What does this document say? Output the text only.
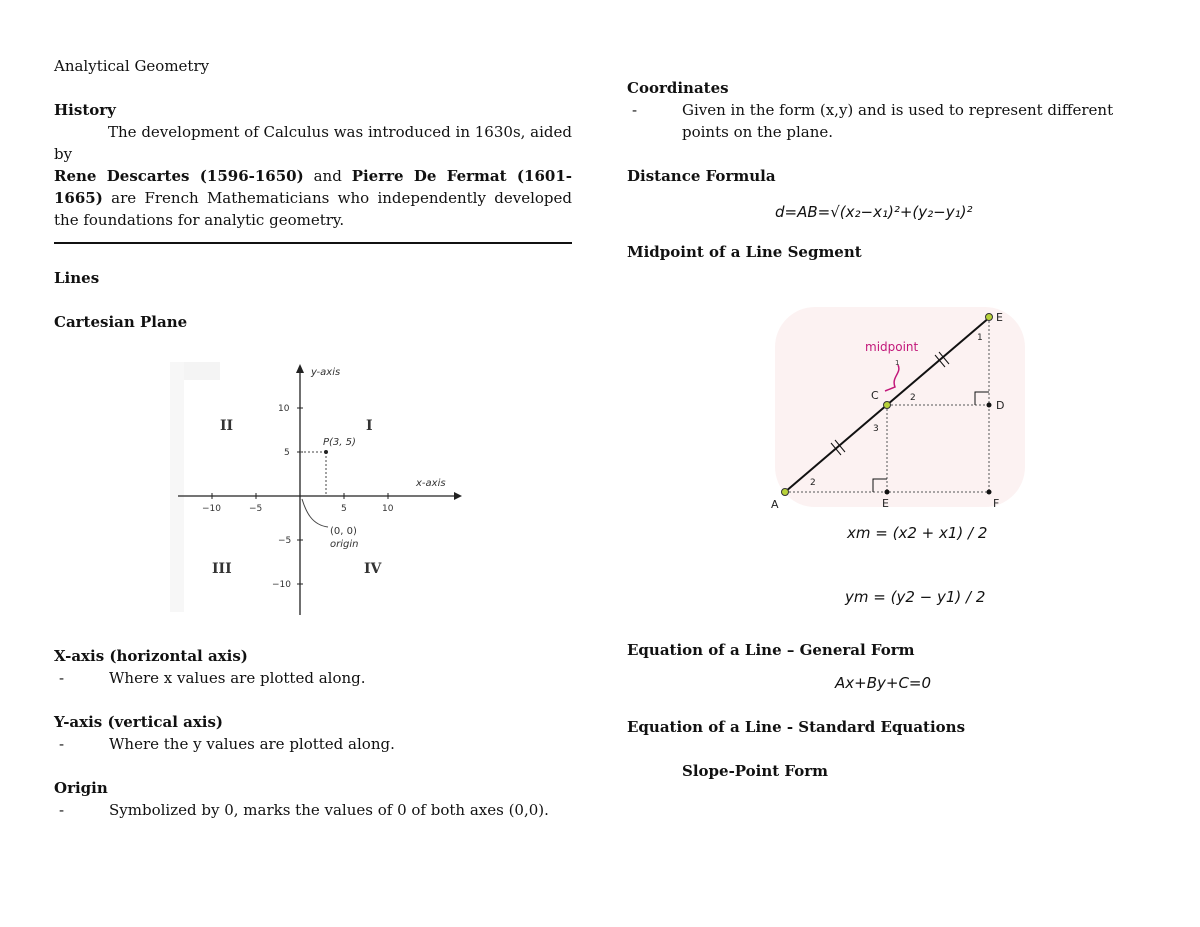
Analytical Geometry

History

The development of Calculus was introduced in 1630s, aided by

Rene Descartes (1596-1650) and Pierre De Fermat (1601-1665) are French Mathematicians who independently developed the foundations for analytic geometry.

Lines

Cartesian Plane

−10	−5	5	10
10
5
−5
−10
y-axis
x-axis
II	I
III	IV
P(3, 5)
(0, 0)
origin

X-axis (horizontal axis)

-	Where x values are plotted along.

Y-axis (vertical axis)

-	Where the y values are plotted along.

Origin

-	Symbolized by 0, marks the values of 0 of both axes (0,0).

Coordinates

-	Given in the form (x,y) and is used to represent different points on the plane.

Distance Formula

d=AB=√(x₂−x₁)²+(y₂−y₁)²

Midpoint of a Line Segment

midpoint
1
A
C
D
E
E	F
1
2
3
2
xm = (x2 + x1) / 2
ym = (y2 − y1) / 2

Equation of a Line – General Form

Ax+By+C=0

Equation of a Line - Standard Equations

Slope-Point Form
